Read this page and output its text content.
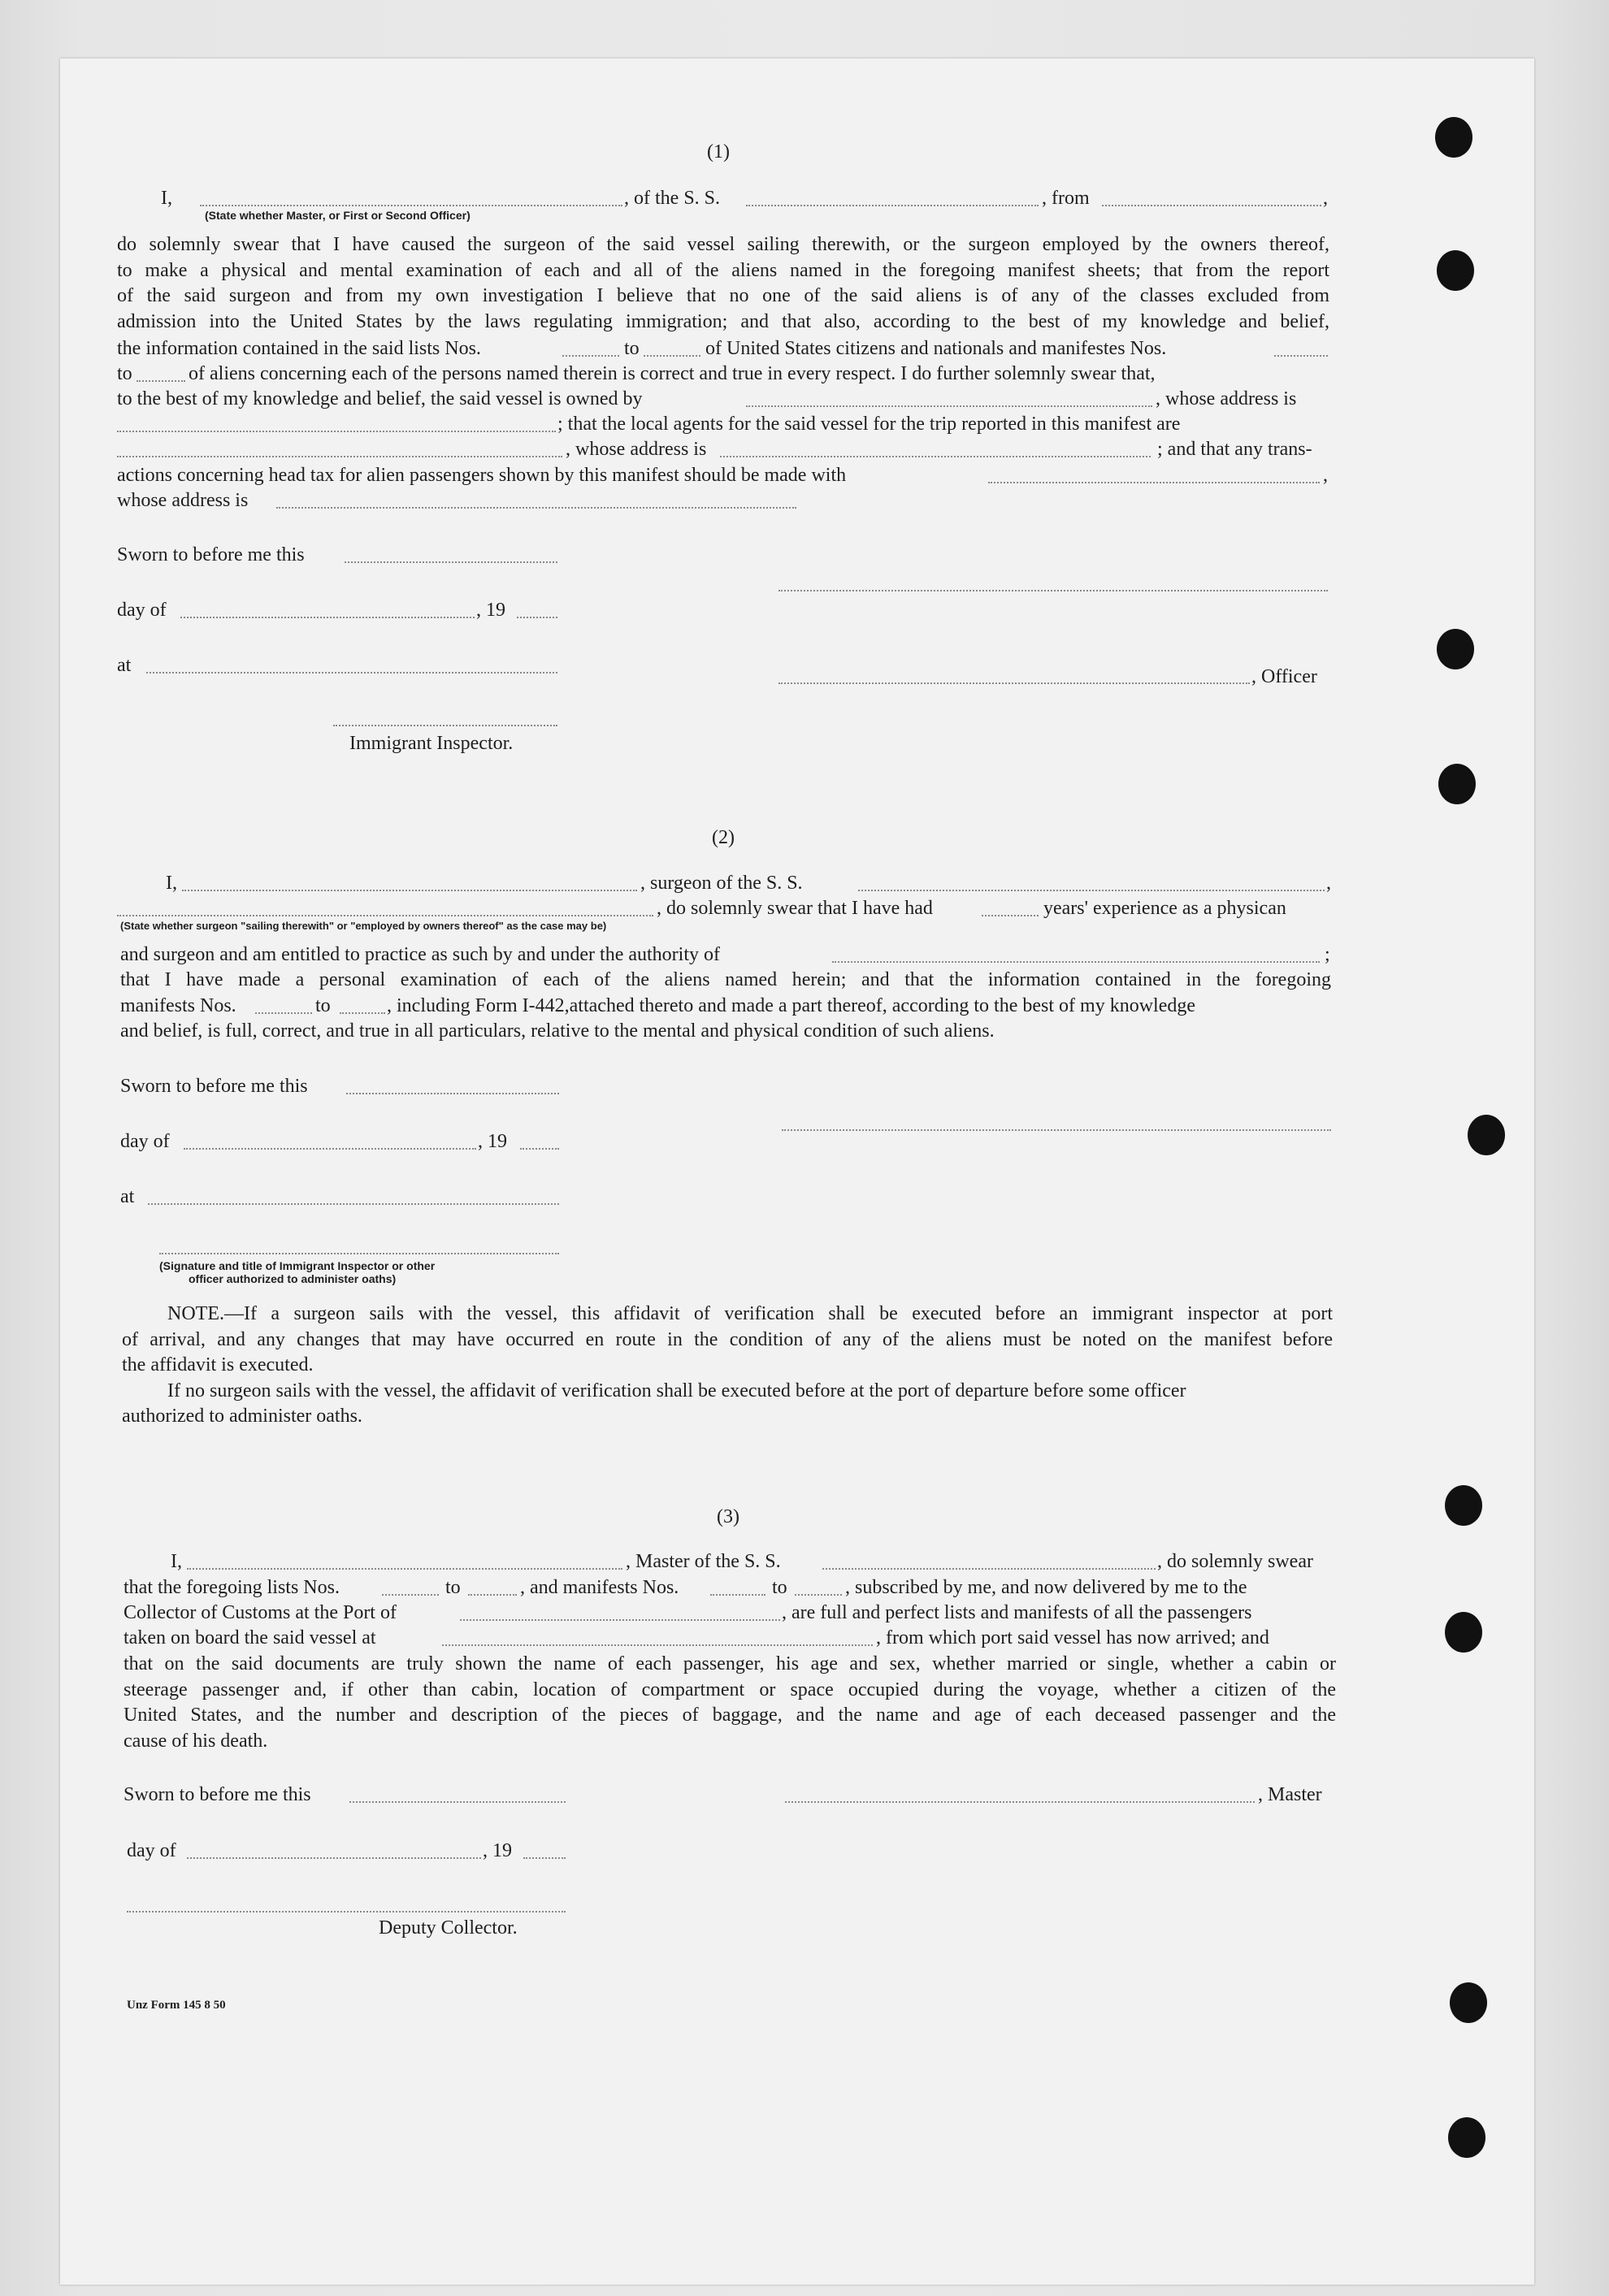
(1)
I,	, of the S. S.	, from	,
(State whether Master, or First or Second Officer)
do solemnly swear that I have caused the surgeon of the said vessel sailing therewith, or the surgeon employed by the owners thereof,
to make a physical and mental examination of each and all of the aliens named in the foregoing manifest sheets; that from the report
of the said surgeon and from my own investigation I believe that no one of the said aliens is of any of the classes excluded from
admission into the United States by the laws regulating immigration; and that also, according to the best of my knowledge and belief,
the information contained in the said lists Nos.	to	of United States citizens and nationals and manifestes Nos.
to	of aliens concerning each of the persons named therein is correct and true in every respect. I do further solemnly swear that,
to the best of my knowledge and belief, the said vessel is owned by	, whose address is
; that the local agents for the said vessel for the trip reported in this manifest are
, whose address is	; and that any trans-
actions concerning head tax for alien passengers shown by this manifest should be made with	,
whose address is
Sworn to before me this
day of	, 19
at
, Officer
Immigrant Inspector.
(2)
I,	, surgeon of the S. S.	,
, do solemnly swear that I have had	years' experience as a physican
(State whether surgeon "sailing therewith" or "employed by owners thereof" as the case may be)
and surgeon and am entitled to practice as such by and under the authority of	;
that I have made a personal examination of each of the aliens named herein; and that the information contained in the foregoing
manifests Nos.	to	, including Form I-442,attached thereto and made a part thereof, according to the best of my knowledge
and belief, is full, correct, and true in all particulars, relative to the mental and physical condition of such aliens.
Sworn to before me this
day of	, 19
at
(Signature and title of Immigrant Inspector or other
officer authorized to administer oaths)
NOTE.—If a surgeon sails with the vessel, this affidavit of verification shall be executed before an immigrant inspector at port
of arrival, and any changes that may have occurred en route in the condition of any of the aliens must be noted on the manifest before
the affidavit is executed.
If no surgeon sails with the vessel, the affidavit of verification shall be executed before at the port of departure before some officer
authorized to administer oaths.
(3)
I,	, Master of the S. S.	, do solemnly swear
that the foregoing lists Nos.	to	, and manifests Nos.	to	, subscribed by me, and now delivered by me to the
Collector of Customs at the Port of	, are full and perfect lists and manifests of all the passengers
taken on board the said vessel at	, from which port said vessel has now arrived; and
that on the said documents are truly shown the name of each passenger, his age and sex, whether married or single, whether a cabin or
steerage passenger and, if other than cabin, location of compartment or space occupied during the voyage, whether a citizen of the
United States, and the number and description of the pieces of baggage, and the name and age of each deceased passenger and the
cause of his death.
Sworn to before me this	, Master
day of	, 19
Deputy Collector.
Unz Form 145 8 50
